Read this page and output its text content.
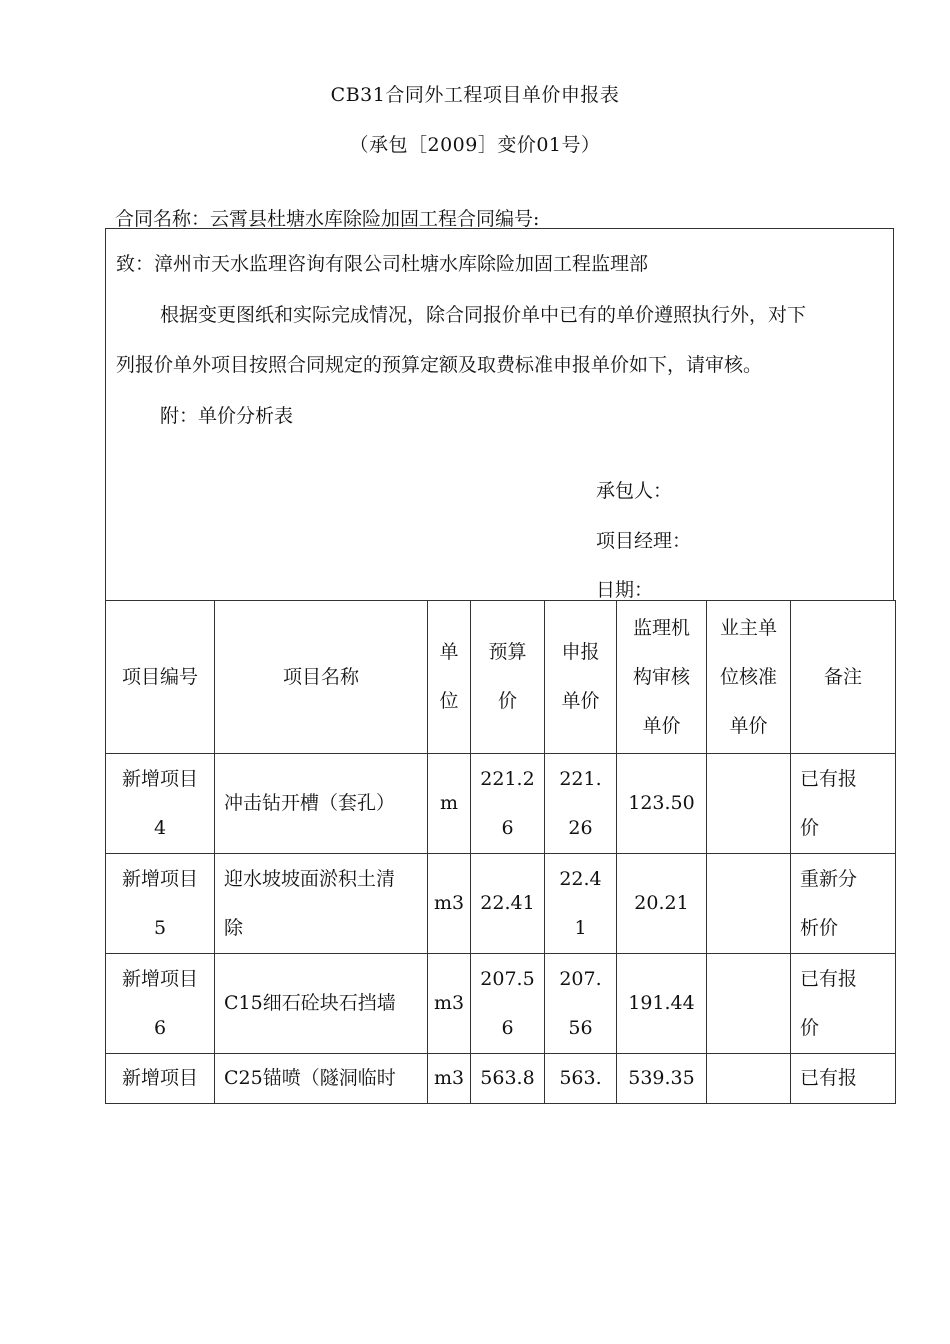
CB31合同外工程项目单价申报表
（承包［2009］变价01号）
合同名称：云霄县杜塘水库除险加固工程合同编号:
致：漳州市天水监理咨询有限公司杜塘水库除险加固工程监理部
根据变更图纸和实际完成情况，除合同报价单中已有的单价遵照执行外，对下
列报价单外项目按照合同规定的预算定额及取费标准申报单价如下，请审核。
附：单价分析表
承包人：
项目经理：
日期：
项目编号	项目名称	单位	预算价	申报单价	监理机构审核单价	业主单位核准单价	备注

新增项目4	冲击钻开槽（套孔）	m	221.26	221.26	123.50		已有报价

新增项目5	迎水坡坡面淤积土清除	m3	22.41	22.41	20.21		重新分析价

新增项目6	C15细石砼块石挡墙	m3	207.56	207.56	191.44		已有报价

新增项目	C25锚喷（隧洞临时	m3	563.8	563.	539.35		已有报
